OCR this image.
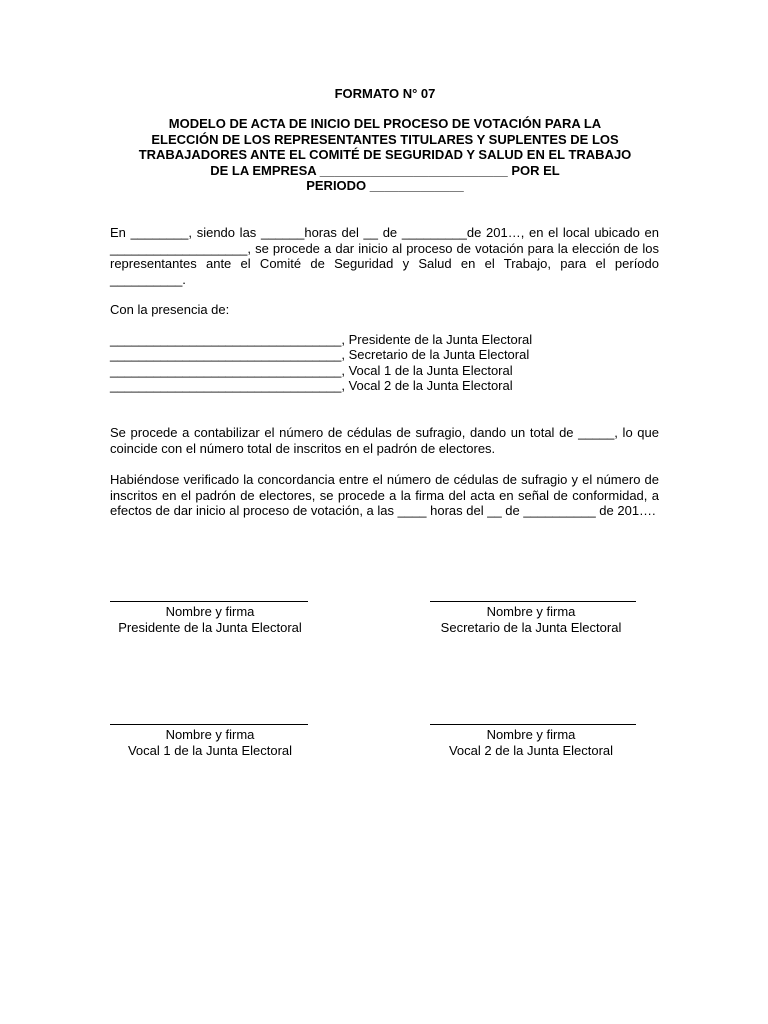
FORMATO N° 07

MODELO DE ACTA DE INICIO DEL PROCESO DE VOTACIÓN PARA LA
ELECCIÓN DE LOS REPRESENTANTES TITULARES Y SUPLENTES DE LOS
TRABAJADORES ANTE EL COMITÉ DE SEGURIDAD Y SALUD EN EL TRABAJO
DE LA EMPRESA __________________________ POR EL
PERIODO _____________

En ________, siendo las ______horas del __ de _________de 201…, en el local ubicado en ___________________, se procede a dar inicio al proceso de votación para la elección de los representantes ante el Comité de Seguridad y Salud en el Trabajo, para el período __________.

Con la presencia de:

________________________________, Presidente de la Junta Electoral
________________________________, Secretario de la Junta Electoral
________________________________, Vocal 1 de la Junta Electoral
________________________________, Vocal 2 de la Junta Electoral

Se procede a contabilizar el número de cédulas de sufragio, dando un total de _____, lo que coincide con el número total de inscritos en el padrón de electores.

Habiéndose verificado la concordancia entre el número de cédulas de sufragio y el número de inscritos en el padrón de electores, se procede a la firma del acta en señal de conformidad, a efectos de dar inicio al proceso de votación, a las ____ horas del __ de __________ de 201….

Nombre y firma
Presidente de la Junta Electoral
Nombre y firma
Secretario de la Junta Electoral
Nombre y firma
Vocal 1 de la Junta Electoral
Nombre y firma
Vocal 2 de la Junta Electoral
